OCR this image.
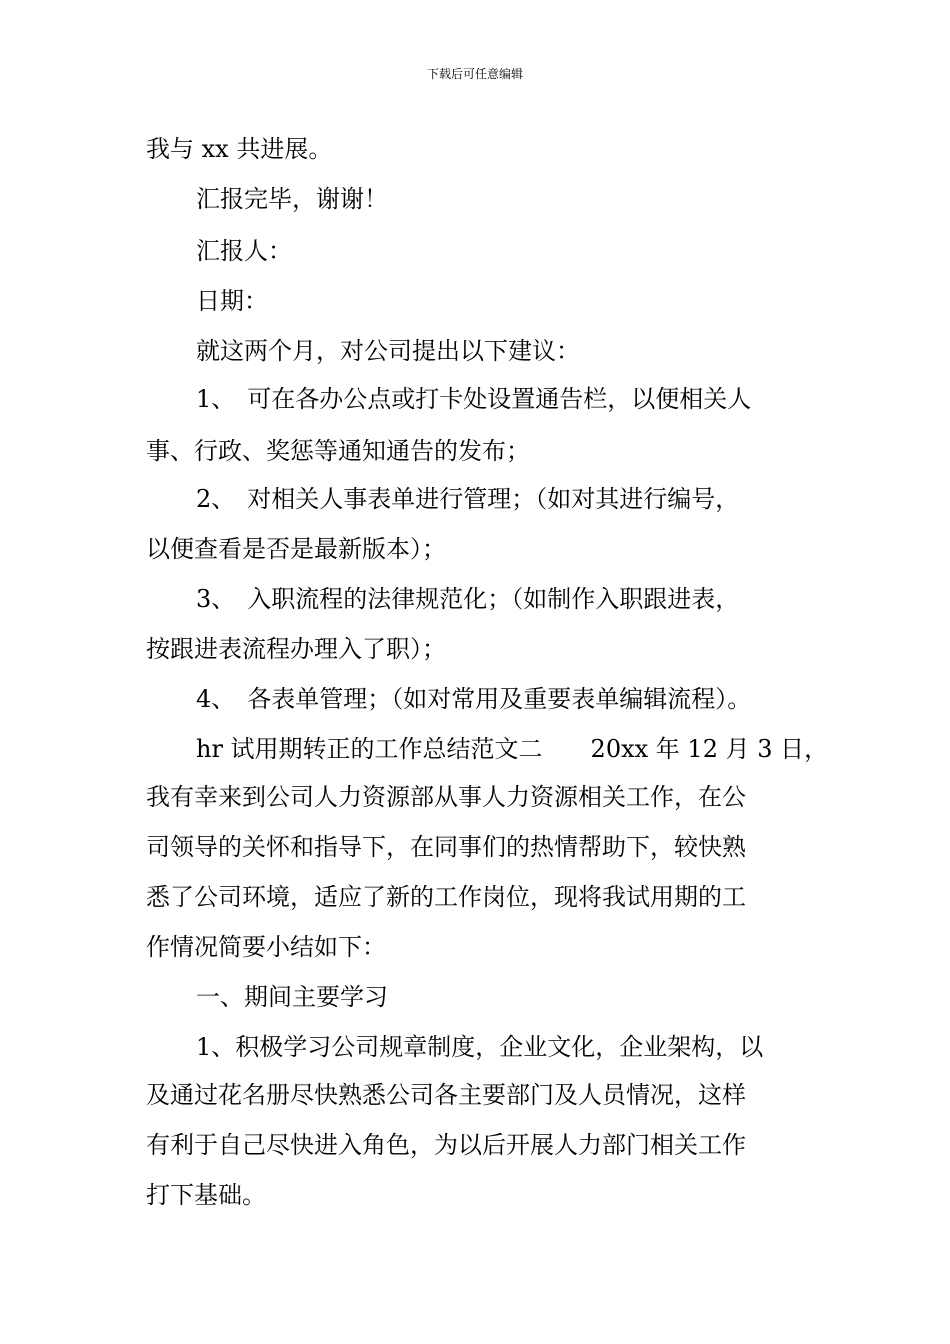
下载后可任意编辑
我与 xx 共进展。
汇报完毕，谢谢！
汇报人：
日期：
就这两个月，对公司提出以下建议：
1、　可在各办公点或打卡处设置通告栏，以便相关人
事、行政、奖惩等通知通告的发布；
2、　对相关人事表单进行管理；（如对其进行编号，
以便查看是否是最新版本）；
3、　入职流程的法律规范化；（如制作入职跟进表，
按跟进表流程办理入了职）；
4、　各表单管理；（如对常用及重要表单编辑流程）。
hr 试用期转正的工作总结范文二　　20xx 年 12 月 3 日，
我有幸来到公司人力资源部从事人力资源相关工作，在公
司领导的关怀和指导下，在同事们的热情帮助下，较快熟
悉了公司环境，适应了新的工作岗位，现将我试用期的工
作情况简要小结如下：
一、期间主要学习
1、积极学习公司规章制度，企业文化，企业架构，以
及通过花名册尽快熟悉公司各主要部门及人员情况，这样
有利于自己尽快进入角色，为以后开展人力部门相关工作
打下基础。
